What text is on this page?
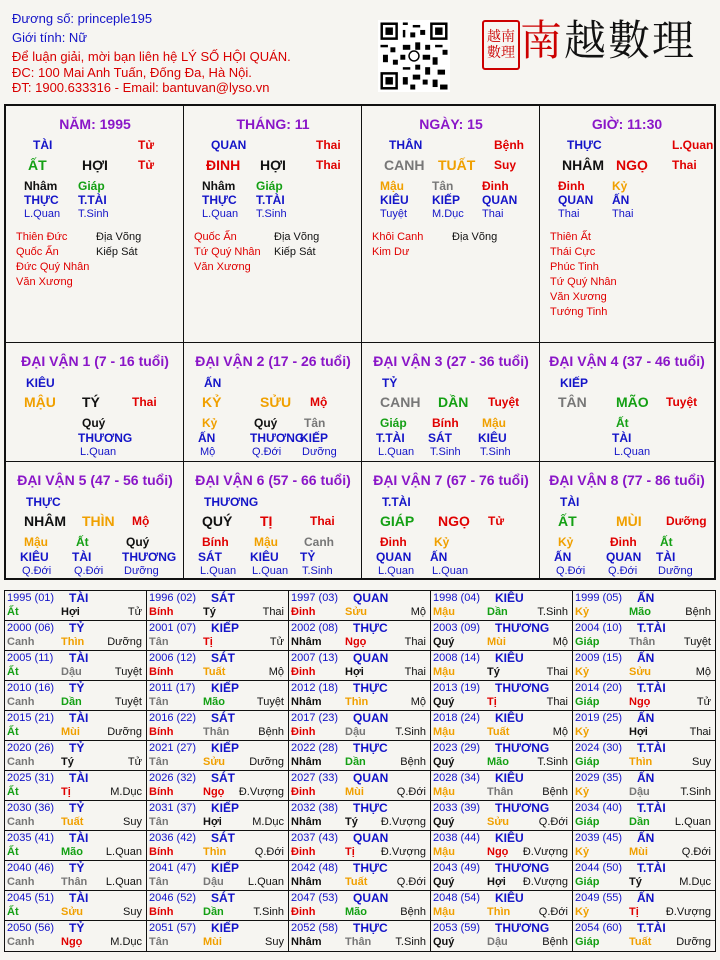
Đương số: princeple195
Giới tính: Nữ
Để luận giải, mời bạn liên hệ LÝ SỐ HỘI QUÁN.
ĐC: 100 Mai Anh Tuấn, Đống Đa, Hà Nội.
ĐT: 1900.633316 - Email: bantuvan@lyso.vn
越南數理 南越數理
NĂM: 1995
TÀI	Tử
ẤT	HỢI	Tử
Nhâm
THỰC
L.Quan
Giáp
T.TÀI
T.Sinh
Thiên Đức
Quốc Ấn
Đức Quý Nhân
Văn Xương
Địa Võng
Kiếp Sát
THÁNG: 11
QUAN	Thai
ĐINH HỢI	Thai
Nhâm
THỰC
L.Quan
Giáp
T.TÀI
T.Sinh
Quốc Ấn
Tứ Quý Nhân
Văn Xương
Địa Võng
Kiếp Sát
NGÀY: 15
THÂN	Bệnh
CANH TUẤT Suy
Mậu
KIÊU
Tuyệt
Tân
KIẾP
M.Dục
Đinh
QUAN
Thai
Khôi Canh
Kim Dư
Địa Võng
GIỜ: 11:30
THỰC	L.Quan
NHÂM NGỌ Thai
Đinh
QUAN
Thai
Kỷ
ẤN
Thai
Thiên Ất
Thái Cực
Phúc Tinh
Tứ Quý Nhân
Văn Xương
Tướng Tinh
ĐẠI VẬN 1 (7 - 16 tuổi)
KIÊU
MẬU TÝ	Thai
Quý
THƯƠNG
L.Quan
ĐẠI VẬN 2 (17 - 26 tuổi)
ẤN
KỶ	SỬU Mộ
Kỷ
ẤN
Mộ
Quý
THƯƠNG
Q.Đới
Tân
KIẾP
Dưỡng
ĐẠI VẬN 3 (27 - 36 tuổi)
TỶ
CANH DẦN Tuyệt
Giáp
T.TÀI
L.Quan
Bính
SÁT
T.Sinh
Mậu
KIÊU
T.Sinh
ĐẠI VẬN 4 (37 - 46 tuổi)
KIẾP
TÂN MÃO Tuyệt
Ất
TÀI
L.Quan
ĐẠI VẬN 5 (47 - 56 tuổi)
THỰC
NHÂM THÌN Mộ
Mậu
KIÊU
Q.Đới
Ất
TÀI
Q.Đới
Quý
THƯƠNG
Dưỡng
ĐẠI VẬN 6 (57 - 66 tuổi)
THƯƠNG
QUÝ TỊ	Thai
Bính
SÁT
L.Quan
Mậu
KIÊU
L.Quan
Canh
TỶ
T.Sinh
ĐẠI VẬN 7 (67 - 76 tuổi)
T.TÀI
GIÁP NGỌ Tử
Đinh
QUAN
L.Quan
Kỷ
ẤN
L.Quan
ĐẠI VẬN 8 (77 - 86 tuổi)
TÀI
ẤT	MÙI Dưỡng
Kỷ
ẤN
Q.Đới
Đinh
QUAN
Q.Đới
Ất
TÀI
Dưỡng
1995 (01) TÀI
Ất	Hợi	Tử
1996 (02) SÁT
Bính	Tý	Thai
1997 (03) QUAN
Đinh	Sửu	Mộ
1998 (04) KIÊU
Mậu	Dần	T.Sinh
1999 (05) ẤN
Kỷ	Mão	Bệnh
2000 (06) TỶ
Canh Thìn Dưỡng
2001 (07) KIẾP
Tân	Tị	Tử
2002 (08) THỰC
Nhâm Ngọ	Thai
2003 (09) THƯƠNG
Quý	Mùi	Mộ
2004 (10) T.TÀI
Giáp	Thân	Tuyệt
2005 (11) TÀI
Ất	Dậu	Tuyệt
2006 (12) SÁT
Bính	Tuất	Mộ
2007 (13) QUAN
Đinh	Hợi	Thai
2008 (14) KIÊU
Mậu	Tý	Thai
2009 (15) ẤN
Kỷ	Sửu	Mộ
2010 (16) TỶ
Canh Dần	Tuyệt
2011 (17) KIẾP
Tân	Mão	Tuyệt
2012 (18) THỰC
Nhâm Thìn	Mộ
2013 (19) THƯƠNG
Quý	Tị	Thai
2014 (20) T.TÀI
Giáp	Ngọ	Tử
2015 (21) TÀI
Ất	Mùi Dưỡng
2016 (22) SÁT
Bính	Thân	Bệnh
2017 (23) QUAN
Đinh	Dậu	T.Sinh
2018 (24) KIÊU
Mậu	Tuất	Mộ
2019 (25) ẤN
Kỷ	Hợi	Thai
2020 (26) TỶ
Canh Tý	Tử
2021 (27) KIẾP
Tân	Sửu Dưỡng
2022 (28) THỰC
Nhâm Dần	Bệnh
2023 (29) THƯƠNG
Quý	Mão	T.Sinh
2024 (30) T.TÀI
Giáp	Thìn	Suy
2025 (31) TÀI
Ất	Tị	M.Dục
2026 (32) SÁT
Bính	Ngọ Đ.Vượng
2027 (33) QUAN
Đinh	Mùi	Q.Đới
2028 (34) KIÊU
Mậu	Thân	Bệnh
2029 (35) ẤN
Kỷ	Dậu	T.Sinh
2030 (36) TỶ
Canh Tuất	Suy
2031 (37) KIẾP
Tân	Hợi	M.Dục
2032 (38) THỰC
Nhâm Tý Đ.Vượng
2033 (39) THƯƠNG
Quý	Sửu	Q.Đới
2034 (40) T.TÀI
Giáp	Dần L.Quan
2035 (41) TÀI
Ất	Mão L.Quan
2036 (42) SÁT
Bính	Thìn	Q.Đới
2037 (43) QUAN
Đinh	Tị Đ.Vượng
2038 (44) KIÊU
Mậu	Ngọ Đ.Vượng
2039 (45) ẤN
Kỷ	Mùi	Q.Đới
2040 (46) TỶ
Canh Thân L.Quan
2041 (47) KIẾP
Tân	Dậu L.Quan
2042 (48) THỰC
Nhâm Tuất	Q.Đới
2043 (49) THƯƠNG
Quý	Hợi Đ.Vượng
2044 (50) T.TÀI
Giáp	Tý	M.Dục
2045 (51) TÀI
Ất	Sửu	Suy
2046 (52) SÁT
Bính	Dần	T.Sinh
2047 (53) QUAN
Đinh	Mão	Bệnh
2048 (54) KIÊU
Mậu	Thìn	Q.Đới
2049 (55) ẤN
Kỷ	Tị Đ.Vượng
2050 (56) TỶ
Canh Ngọ	M.Dục
2051 (57) KIẾP
Tân	Mùi	Suy
2052 (58) THỰC
Nhâm Thân T.Sinh
2053 (59) THƯƠNG
Quý	Dậu	Bệnh
2054 (60) T.TÀI
Giáp	Tuất Dưỡng
